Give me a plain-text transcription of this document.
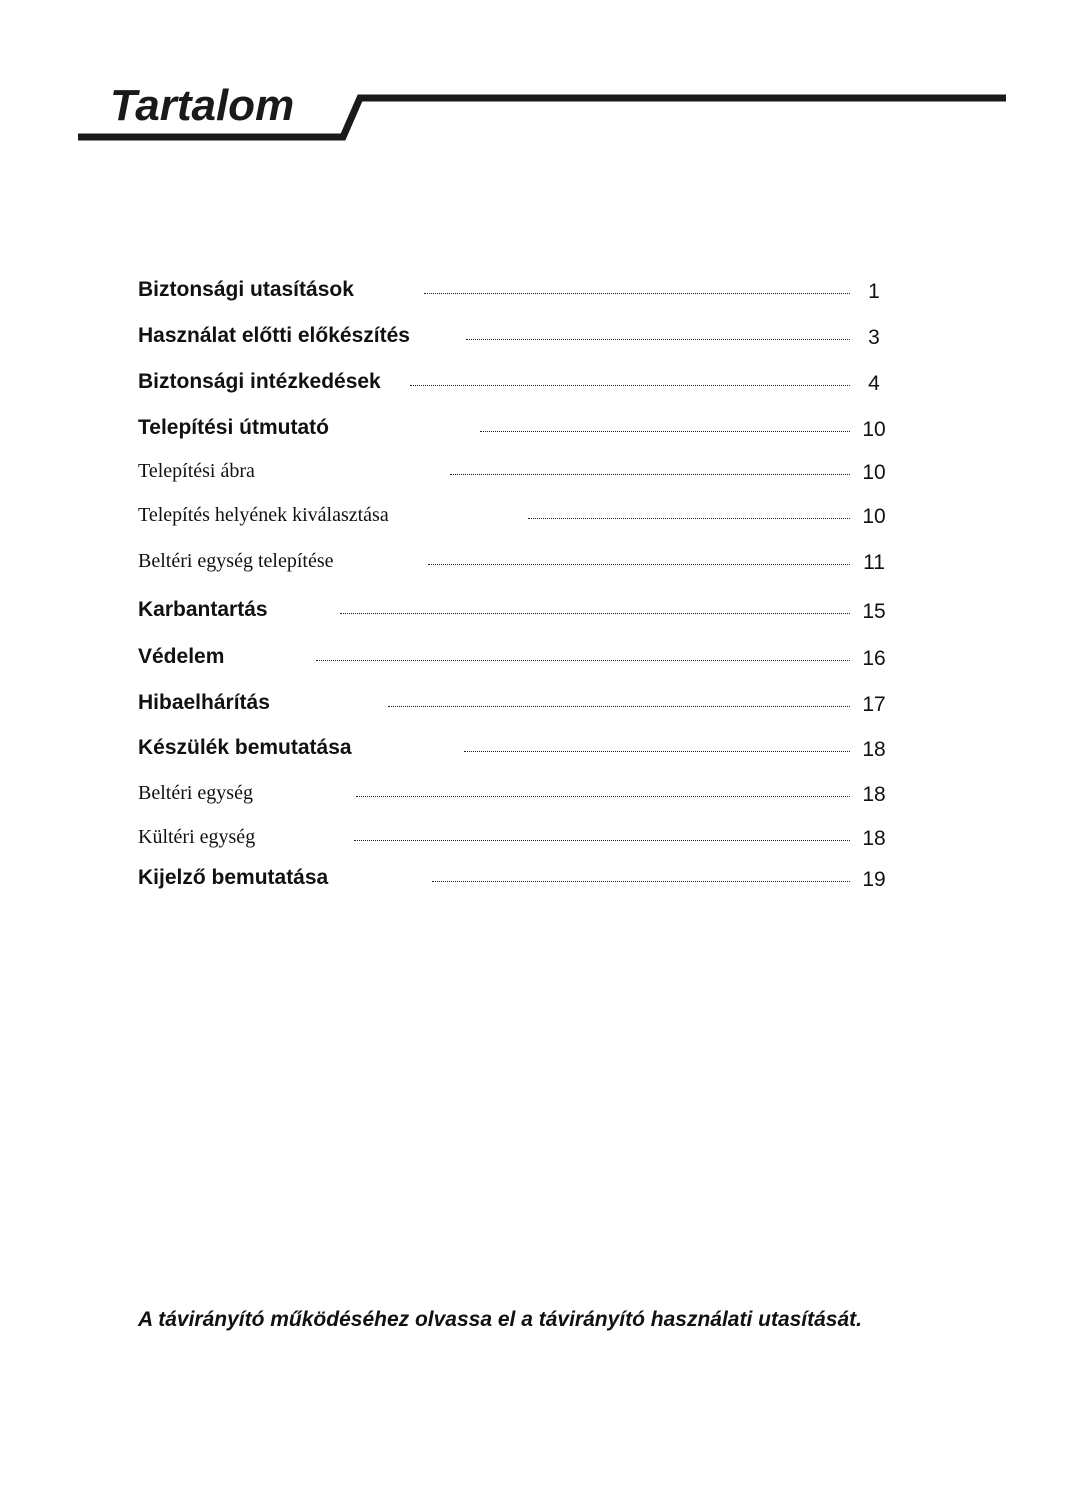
Tartalom
Biztonsági utasítások	1
Használat előtti előkészítés	3
Biztonsági intézkedések	4
Telepítési útmutató	10
Telepítési ábra	10
Telepítés helyének kiválasztása	10
Beltéri egység telepítése	11
Karbantartás	15
Védelem	16
Hibaelhárítás	17
Készülék bemutatása	18
Beltéri egység	18
Kültéri egység	18
Kijelző bemutatása	19

A távirányító működéséhez olvassa el a távirányító használati utasítását.
